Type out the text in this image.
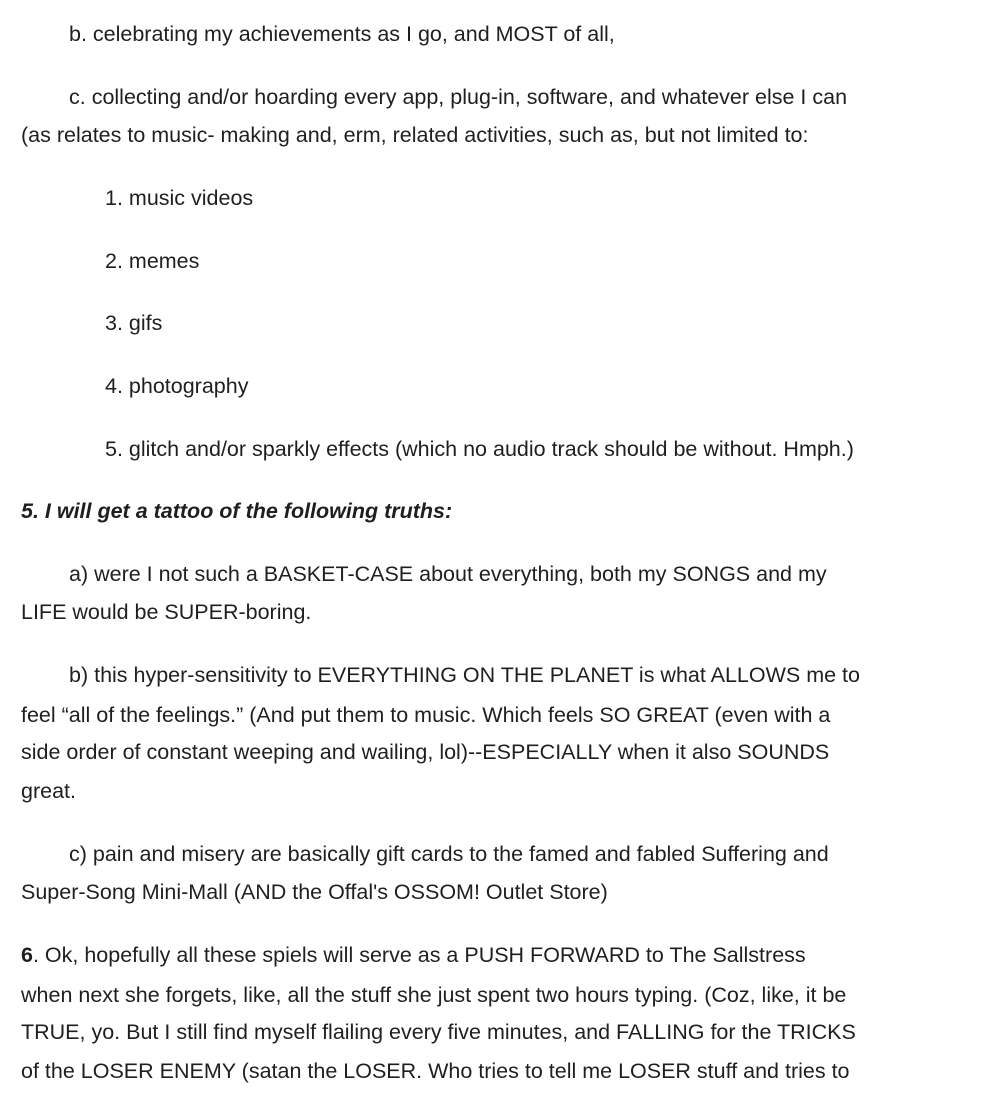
b. celebrating my achievements as I go, and MOST of all,
c. collecting and/or hoarding every app, plug-in, software, and whatever else I can
(as relates to music- making and, erm, related activities, such as, but not limited to:
1. music videos
2. memes
3. gifs
4. photography
5. glitch and/or sparkly effects (which no audio track should be without. Hmph.)
5. I will get a tattoo of the following truths:
a) were I not such a BASKET-CASE about everything, both my SONGS and my
LIFE would be SUPER-boring.
b) this hyper-sensitivity to EVERYTHING ON THE PLANET is what ALLOWS me to
feel “all of the feelings.” (And put them to music. Which feels SO GREAT (even with a
side order of constant weeping and wailing, lol)--ESPECIALLY when it also SOUNDS
great.
c) pain and misery are basically gift cards to the famed and fabled Suffering and
Super-Song Mini-Mall (AND the Offal's OSSOM! Outlet Store)
6. Ok, hopefully all these spiels will serve as a PUSH FORWARD to The Sallstress
when next she forgets, like, all the stuff she just spent two hours typing. (Coz, like, it be
TRUE, yo. But I still find myself flailing every five minutes, and FALLING for the TRICKS
of the LOSER ENEMY (satan the LOSER. Who tries to tell me LOSER stuff and tries to
